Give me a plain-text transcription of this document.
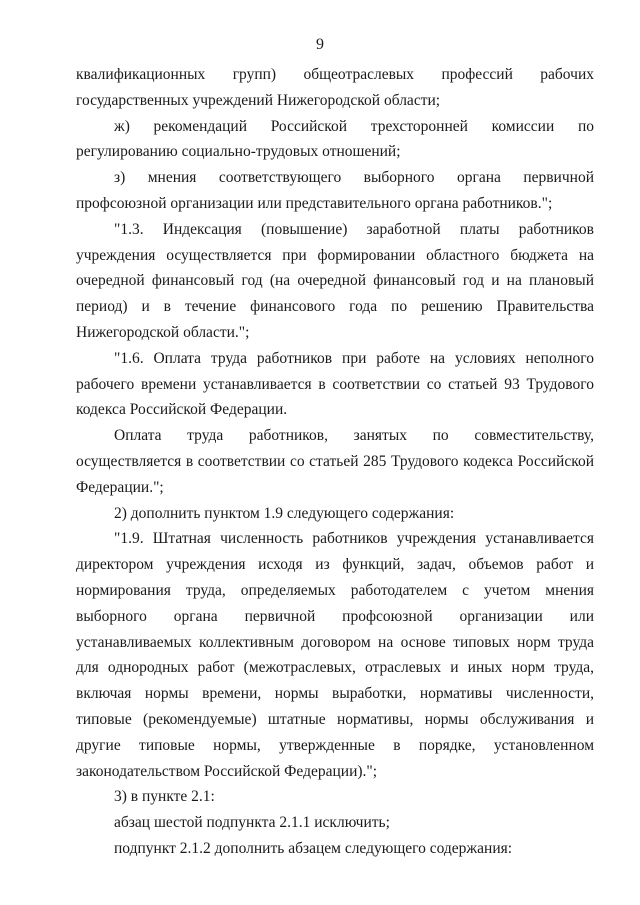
9

квалификационных групп) общеотраслевых профессий рабочих государственных учреждений Нижегородской области;

ж) рекомендаций Российской трехсторонней комиссии по регулированию социально-трудовых отношений;

з) мнения соответствующего выборного органа первичной профсоюзной организации или представительного органа работников.";

"1.3. Индексация (повышение) заработной платы работников учреждения осуществляется при формировании областного бюджета на очередной финансовый год (на очередной финансовый год и на плановый период) и в течение финансового года по решению Правительства Нижегородской области.";

"1.6. Оплата труда работников при работе на условиях неполного рабочего времени устанавливается в соответствии со статьей 93 Трудового кодекса Российской Федерации.

Оплата труда работников, занятых по совместительству, осуществляется в соответствии со статьей 285 Трудового кодекса Российской Федерации.";

2) дополнить пунктом 1.9 следующего содержания:

"1.9. Штатная численность работников учреждения устанавливается директором учреждения исходя из функций, задач, объемов работ и нормирования труда, определяемых работодателем с учетом мнения выборного органа первичной профсоюзной организации или устанавливаемых коллективным договором на основе типовых норм труда для однородных работ (межотраслевых, отраслевых и иных норм труда, включая нормы времени, нормы выработки, нормативы численности, типовые (рекомендуемые) штатные нормативы, нормы обслуживания и другие типовые нормы, утвержденные в порядке, установленном законодательством Российской Федерации).";

3) в пункте 2.1:

абзац шестой подпункта 2.1.1 исключить;

подпункт 2.1.2 дополнить абзацем следующего содержания:
